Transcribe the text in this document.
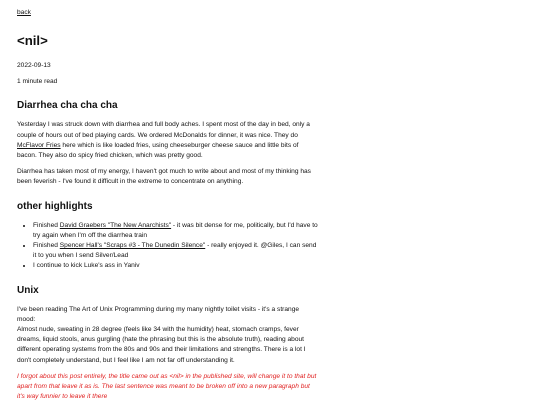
back
<nil>

2022-09-13

1 minute read

Diarrhea cha cha cha

Yesterday I was struck down with diarrhea and full body aches. I spent most of the day in bed, only a couple of hours out of bed playing cards. We ordered McDonalds for dinner, it was nice. They do McFlavor Fries here which is like loaded fries, using cheeseburger cheese sauce and little bits of bacon. They also do spicy fried chicken, which was pretty good.

Diarrhea has taken most of my energy, I haven't got much to write about and most of my thinking has been feverish - I've found it difficult in the extreme to concentrate on anything.

other highlights
• Finished David Graebers "The New Anarchists" - it was bit dense for me, politically, but I'd have to try again when I'm off the diarrhea train
• Finished Spencer Hall's "Scraps #3 - The Dunedin Silence" - really enjoyed it. @Giles, I can send it to you when I send Silver/Lead
• I continue to kick Luke's ass in Yaniv
Unix

I've been reading The Art of Unix Programming during my many nightly toilet visits - it's a strange mood:
Almost nude, sweating in 28 degree (feels like 34 with the humidity) heat, stomach cramps, fever dreams, liquid stools, anus gurgling (hate the phrasing but this is the absolute truth), reading about different operating systems from the 80s and 90s and their limitations and strengths. There is a lot I don't completely understand, but I feel like I am not far off understanding it.

I forgot about this post entirely, the title came out as <nil> in the published site, will change it to that but apart from that leave it as is. The last sentence was meant to be broken off into a new paragraph but it's way funnier to leave it there
